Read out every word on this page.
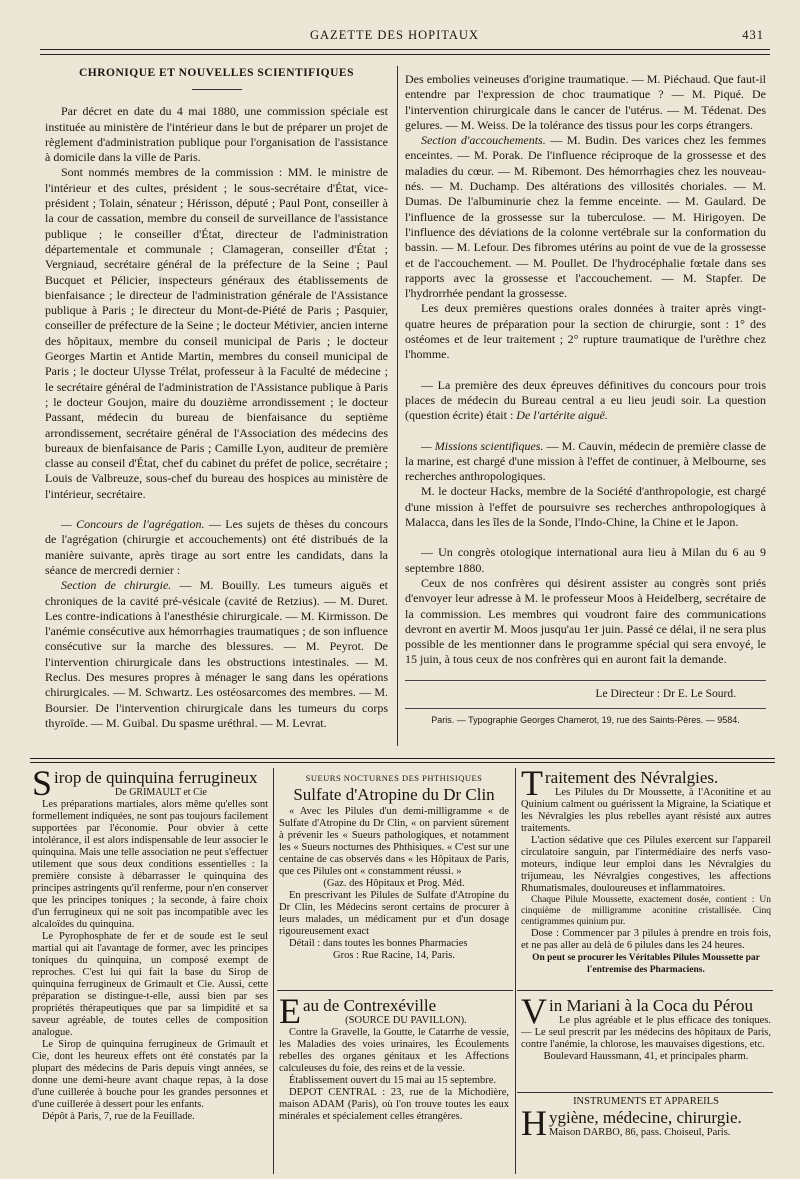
GAZETTE DES HOPITAUX	431

CHRONIQUE ET NOUVELLES SCIENTIFIQUES

Par décret en date du 4 mai 1880, une commission spéciale est instituée au ministère de l'intérieur dans le but de préparer un projet de règlement d'administration publique pour l'organisation de l'assistance à domicile dans la ville de Paris.

Sont nommés membres de la commission : MM. le ministre de l'intérieur et des cultes, président ; le sous-secrétaire d'État, vice-président ; Tolain, sénateur ; Hérisson, député ; Paul Pont, conseiller à la cour de cassation, membre du conseil de surveillance de l'assistance publique ; le conseiller d'État, directeur de l'administration départementale et communale ; Clamageran, conseiller d'État ; Vergniaud, secrétaire général de la préfecture de la Seine ; Paul Bucquet et Pélicier, inspecteurs généraux des établissements de bienfaisance ; le directeur de l'administration générale de l'Assistance publique à Paris ; le directeur du Mont-de-Piété de Paris ; Pasquier, conseiller de préfecture de la Seine ; le docteur Métivier, ancien interne des hôpitaux, membre du conseil municipal de Paris ; le docteur Georges Martin et Antide Martin, membres du conseil municipal de Paris ; le docteur Ulysse Trélat, professeur à la Faculté de médecine ; le secrétaire général de l'administration de l'Assistance publique à Paris ; le docteur Goujon, maire du douzième arrondissement ; le docteur Passant, médecin du bureau de bienfaisance du septième arrondissement, secrétaire général de l'Association des médecins des bureaux de bienfaisance de Paris ; Camille Lyon, auditeur de première classe au conseil d'État, chef du cabinet du préfet de police, secrétaire ; Louis de Valbreuze, sous-chef du bureau des hospices au ministère de l'intérieur, secrétaire.

— Concours de l'agrégation. — Les sujets de thèses du concours de l'agrégation (chirurgie et accouchements) ont été distribués de la manière suivante, après tirage au sort entre les candidats, dans la séance de mercredi dernier :

Section de chirurgie. — M. Bouilly. Les tumeurs aiguës et chroniques de la cavité pré-vésicale (cavité de Retzius). — M. Duret. Les contre-indications à l'anesthésie chirurgicale. — M. Kirmisson. De l'anémie consécutive aux hémorrhagies traumatiques ; de son influence consécutive sur la marche des blessures. — M. Peyrot. De l'intervention chirurgicale dans les obstructions intestinales. — M. Reclus. Des mesures propres à ménager le sang dans les opérations chirurgicales. — M. Schwartz. Les ostéosarcomes des membres. — M. Boursier. De l'intervention chirurgicale dans les tumeurs du corps thyroïde. — M. Guibal. Du spasme uréthral. — M. Levrat.

Des embolies veineuses d'origine traumatique. — M. Piéchaud. Que faut-il entendre par l'expression de choc traumatique ? — M. Piqué. De l'intervention chirurgicale dans le cancer de l'utérus. — M. Tédenat. Des gelures. — M. Weiss. De la tolérance des tissus pour les corps étrangers.

Section d'accouchements. — M. Budin. Des varices chez les femmes enceintes. — M. Porak. De l'influence réciproque de la grossesse et des maladies du cœur. — M. Ribemont. Des hémorrhagies chez les nouveau-nés. — M. Duchamp. Des altérations des villosités choriales. — M. Dumas. De l'albuminurie chez la femme enceinte. — M. Gaulard. De l'influence de la grossesse sur la tuberculose. — M. Hirigoyen. De l'influence des déviations de la colonne vertébrale sur la conformation du bassin. — M. Lefour. Des fibromes utérins au point de vue de la grossesse et de l'accouchement. — M. Poullet. De l'hydrocéphalie fœtale dans ses rapports avec la grossesse et l'accouchement. — M. Stapfer. De l'hydrorrhée pendant la grossesse.

Les deux premières questions orales données à traiter après vingt-quatre heures de préparation pour la section de chirurgie, sont : 1° des ostéomes et de leur traitement ; 2° rupture traumatique de l'urèthre chez l'homme.

— La première des deux épreuves définitives du concours pour trois places de médecin du Bureau central a eu lieu jeudi soir. La question (question écrite) était : De l'artérite aiguë.

— Missions scientifiques. — M. Cauvin, médecin de première classe de la marine, est chargé d'une mission à l'effet de continuer, à Melbourne, ses recherches anthropologiques.

M. le docteur Hacks, membre de la Société d'anthropologie, est chargé d'une mission à l'effet de poursuivre ses recherches anthropologiques à Malacca, dans les îles de la Sonde, l'Indo-Chine, la Chine et le Japon.

— Un congrès otologique international aura lieu à Milan du 6 au 9 septembre 1880.

Ceux de nos confrères qui désirent assister au congrès sont priés d'envoyer leur adresse à M. le professeur Moos à Heidelberg, secrétaire de la commission. Les membres qui voudront faire des communications devront en avertir M. Moos jusqu'au 1er juin. Passé ce délai, il ne sera plus possible de les mentionner dans le programme spécial qui sera envoyé, le 15 juin, à tous ceux de nos confrères qui en auront fait la demande.

Le Directeur : Dr E. Le Sourd.
Paris. — Typographie Georges Chamerot, 19, rue des Saints-Pères. — 9584.

Sirop de quinquina ferrugineux

De GRIMAULT et Cie

Les préparations martiales, alors même qu'elles sont formellement indiquées, ne sont pas toujours facilement supportées par l'économie. Pour obvier à cette intolérance, il est alors indispensable de leur associer le quinquina. Mais une telle association ne peut s'effectuer utilement que sous deux conditions essentielles : la première consiste à débarrasser le quinquina des principes astringents qu'il renferme, pour n'en conserver que les principes toniques ; la seconde, à faire choix d'un ferrugineux qui ne soit pas incompatible avec les alcaloïdes du quinquina.

Le Pyrophosphate de fer et de soude est le seul martial qui ait l'avantage de former, avec les principes toniques du quinquina, un composé exempt de reproches. C'est lui qui fait la base du Sirop de quinquina ferrugineux de Grimault et Cie. Aussi, cette préparation se distingue-t-elle, aussi bien par ses propriétés thérapeutiques que par sa limpidité et sa saveur agréable, de toutes celles de composition analogue.

Le Sirop de quinquina ferrugineux de Grimault et Cie, dont les heureux effets ont été constatés par la plupart des médecins de Paris depuis vingt années, se donne une demi-heure avant chaque repas, à la dose d'une cuillerée à bouche pour les grandes personnes et d'une cuillerée à dessert pour les enfants.

Dépôt à Paris, 7, rue de la Feuillade.

SUEURS NOCTURNES DES PHTHISIQUES

Sulfate d'Atropine du Dr Clin

« Avec les Pilules d'un demi-milligramme « de Sulfate d'Atropine du Dr Clin, « on parvient sûrement à prévenir les « Sueurs pathologiques, et notamment les « Sueurs nocturnes des Phthisiques. « C'est sur une centaine de cas observés dans « les Hôpitaux de Paris, que ces Pilules ont « constamment réussi. »

(Gaz. des Hôpitaux et Prog. Méd.

En prescrivant les Pilules de Sulfate d'Atropine du Dr Clin, les Médecins seront certains de procurer à leurs malades, un médicament pur et d'un dosage rigoureusement exact

Détail : dans toutes les bonnes Pharmacies

Gros : Rue Racine, 14, Paris.

Eau de Contrexéville

(SOURCE DU PAVILLON).

Contre la Gravelle, la Goutte, le Catarrhe de vessie, les Maladies des voies urinaires, les Écoulements rebelles des organes génitaux et les Affections calculeuses du foie, des reins et de la vessie.

Établissement ouvert du 15 mai au 15 septembre.

DEPOT CENTRAL : 23, rue de la Michodière, maison ADAM (Paris), où l'on trouve toutes les eaux minérales et spécialement celles étrangères.

Traitement des Névralgies.

Les Pilules du Dr Moussette, à l'Aconitine et au Quinium calment ou guérissent la Migraine, la Sciatique et les Névralgies les plus rebelles ayant résisté aux autres traitements.

L'action sédative que ces Pilules exercent sur l'appareil circulatoire sanguin, par l'intermédiaire des nerfs vaso-moteurs, indique leur emploi dans les Névralgies du trijumeau, les Névralgies congestives, les affections Rhumatismales, douloureuses et inflammatoires.

Chaque Pilule Moussette, exactement dosée, contient : Un cinquième de milligramme aconitine cristallisée. Cinq centigrammes quinium pur.

Dose : Commencer par 3 pilules à prendre en trois fois, et ne pas aller au delà de 6 pilules dans les 24 heures.

On peut se procurer les Véritables Pilules Moussette par l'entremise des Pharmaciens.

Vin Mariani à la Coca du Pérou

Le plus agréable et le plus efficace des toniques. — Le seul prescrit par les médecins des hôpitaux de Paris, contre l'anémie, la chlorose, les mauvaises digestions, etc.

Boulevard Haussmann, 41, et principales pharm.

INSTRUMENTS ET APPAREILS

Hygiène, médecine, chirurgie.

Maison DARBO, 86, pass. Choiseul, Paris.
